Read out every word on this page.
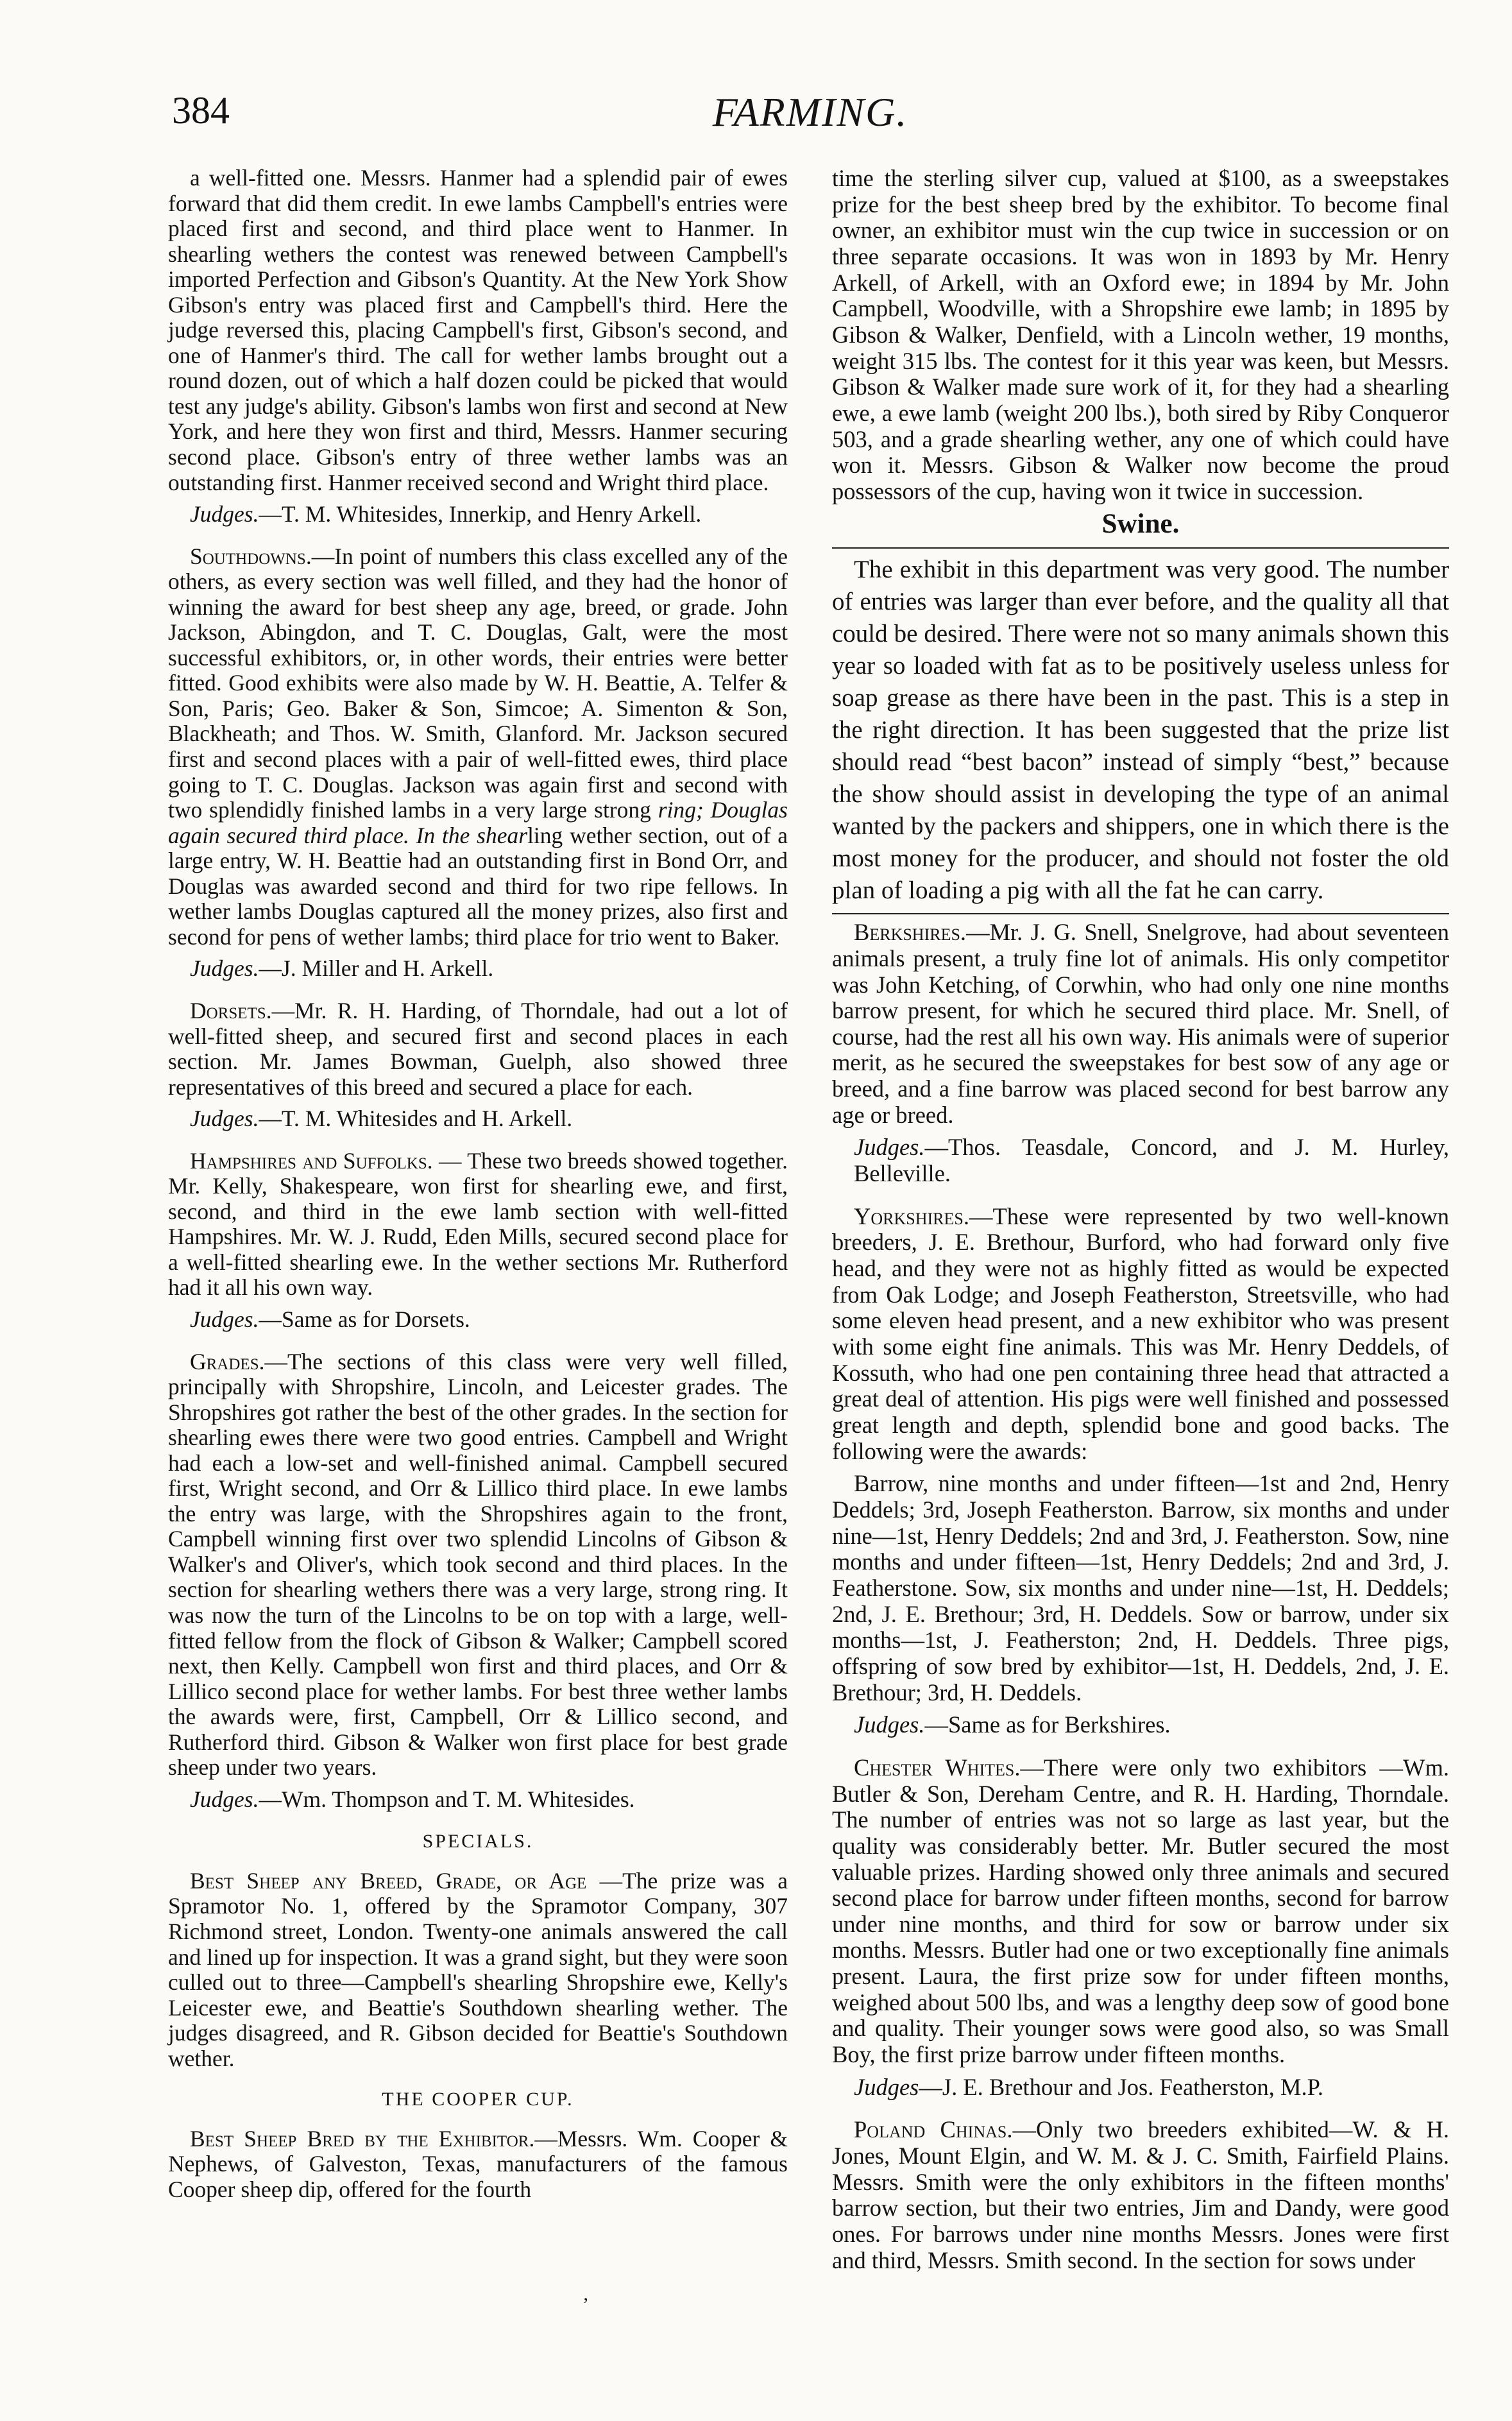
384	FARMING.

a well-fitted one. Messrs. Hanmer had a splendid pair of ewes forward that did them credit. In ewe lambs Campbell's entries were placed first and second, and third place went to Hanmer. In shearling wethers the contest was renewed between Campbell's imported Perfection and Gibson's Quantity. At the New York Show Gibson's entry was placed first and Campbell's third. Here the judge reversed this, placing Campbell's first, Gibson's second, and one of Hanmer's third. The call for wether lambs brought out a round dozen, out of which a half dozen could be picked that would test any judge's ability. Gibson's lambs won first and second at New York, and here they won first and third, Messrs. Hanmer securing second place. Gibson's entry of three wether lambs was an outstanding first. Hanmer received second and Wright third place.

Judges.—T. M. Whitesides, Innerkip, and Henry Arkell.

Southdowns.—In point of numbers this class excelled any of the others, as every section was well filled, and they had the honor of winning the award for best sheep any age, breed, or grade. John Jackson, Abingdon, and T. C. Douglas, Galt, were the most successful exhibitors, or, in other words, their entries were better fitted. Good exhibits were also made by W. H. Beattie, A. Telfer & Son, Paris; Geo. Baker & Son, Simcoe; A. Simenton & Son, Blackheath; and Thos. W. Smith, Glanford. Mr. Jackson secured first and second places with a pair of well-fitted ewes, third place going to T. C. Douglas. Jackson was again first and second with two splendidly finished lambs in a very large strong ring; Douglas again secured third place. In the shearling wether section, out of a large entry, W. H. Beattie had an outstanding first in Bond Orr, and Douglas was awarded second and third for two ripe fellows. In wether lambs Douglas captured all the money prizes, also first and second for pens of wether lambs; third place for trio went to Baker.

Judges.—J. Miller and H. Arkell.

Dorsets.—Mr. R. H. Harding, of Thorndale, had out a lot of well-fitted sheep, and secured first and second places in each section. Mr. James Bowman, Guelph, also showed three representatives of this breed and secured a place for each.

Judges.—T. M. Whitesides and H. Arkell.

Hampshires and Suffolks. — These two breeds showed together. Mr. Kelly, Shakespeare, won first for shearling ewe, and first, second, and third in the ewe lamb section with well-fitted Hampshires. Mr. W. J. Rudd, Eden Mills, secured second place for a well-fitted shearling ewe. In the wether sections Mr. Rutherford had it all his own way.

Judges.—Same as for Dorsets.

Grades.—The sections of this class were very well filled, principally with Shropshire, Lincoln, and Leicester grades. The Shropshires got rather the best of the other grades. In the section for shearling ewes there were two good entries. Campbell and Wright had each a low-set and well-finished animal. Campbell secured first, Wright second, and Orr & Lillico third place. In ewe lambs the entry was large, with the Shropshires again to the front, Campbell winning first over two splendid Lincolns of Gibson & Walker's and Oliver's, which took second and third places. In the section for shearling wethers there was a very large, strong ring. It was now the turn of the Lincolns to be on top with a large, well-fitted fellow from the flock of Gibson & Walker; Campbell scored next, then Kelly. Campbell won first and third places, and Orr & Lillico second place for wether lambs. For best three wether lambs the awards were, first, Campbell, Orr & Lillico second, and Rutherford third. Gibson & Walker won first place for best grade sheep under two years.

Judges.—Wm. Thompson and T. M. Whitesides.

SPECIALS.

Best Sheep any Breed, Grade, or Age —The prize was a Spramotor No. 1, offered by the Spramotor Company, 307 Richmond street, London. Twenty-one animals answered the call and lined up for inspection. It was a grand sight, but they were soon culled out to three—Campbell's shearling Shropshire ewe, Kelly's Leicester ewe, and Beattie's Southdown shearling wether. The judges disagreed, and R. Gibson decided for Beattie's Southdown wether.

THE COOPER CUP.

Best Sheep Bred by the Exhibitor.—Messrs. Wm. Cooper & Nephews, of Galveston, Texas, manufacturers of the famous Cooper sheep dip, offered for the fourth

time the sterling silver cup, valued at $100, as a sweepstakes prize for the best sheep bred by the exhibitor. To become final owner, an exhibitor must win the cup twice in succession or on three separate occasions. It was won in 1893 by Mr. Henry Arkell, of Arkell, with an Oxford ewe; in 1894 by Mr. John Campbell, Woodville, with a Shropshire ewe lamb; in 1895 by Gibson & Walker, Denfield, with a Lincoln wether, 19 months, weight 315 lbs. The contest for it this year was keen, but Messrs. Gibson & Walker made sure work of it, for they had a shearling ewe, a ewe lamb (weight 200 lbs.), both sired by Riby Conqueror 503, and a grade shearling wether, any one of which could have won it. Messrs. Gibson & Walker now become the proud possessors of the cup, having won it twice in succession.

Swine.

The exhibit in this department was very good. The number of entries was larger than ever before, and the quality all that could be desired. There were not so many animals shown this year so loaded with fat as to be positively useless unless for soap grease as there have been in the past. This is a step in the right direction. It has been suggested that the prize list should read “best bacon” instead of simply “best,” because the show should assist in developing the type of an animal wanted by the packers and shippers, one in which there is the most money for the producer, and should not foster the old plan of loading a pig with all the fat he can carry.

Berkshires.—Mr. J. G. Snell, Snelgrove, had about seventeen animals present, a truly fine lot of animals. His only competitor was John Ketching, of Corwhin, who had only one nine months barrow present, for which he secured third place. Mr. Snell, of course, had the rest all his own way. His animals were of superior merit, as he secured the sweepstakes for best sow of any age or breed, and a fine barrow was placed second for best barrow any age or breed.

Judges.—Thos. Teasdale, Concord, and J. M. Hurley, Belleville.

Yorkshires.—These were represented by two well-known breeders, J. E. Brethour, Burford, who had forward only five head, and they were not as highly fitted as would be expected from Oak Lodge; and Joseph Featherston, Streetsville, who had some eleven head present, and a new exhibitor who was present with some eight fine animals. This was Mr. Henry Deddels, of Kossuth, who had one pen containing three head that attracted a great deal of attention. His pigs were well finished and possessed great length and depth, splendid bone and good backs. The following were the awards:

Barrow, nine months and under fifteen—1st and 2nd, Henry Deddels; 3rd, Joseph Featherston. Barrow, six months and under nine—1st, Henry Deddels; 2nd and 3rd, J. Featherston. Sow, nine months and under fifteen—1st, Henry Deddels; 2nd and 3rd, J. Featherstone. Sow, six months and under nine—1st, H. Deddels; 2nd, J. E. Brethour; 3rd, H. Deddels. Sow or barrow, under six months—1st, J. Featherston; 2nd, H. Deddels. Three pigs, offspring of sow bred by exhibitor—1st, H. Deddels, 2nd, J. E. Brethour; 3rd, H. Deddels.

Judges.—Same as for Berkshires.

Chester Whites.—There were only two exhibitors —Wm. Butler & Son, Dereham Centre, and R. H. Harding, Thorndale. The number of entries was not so large as last year, but the quality was considerably better. Mr. Butler secured the most valuable prizes. Harding showed only three animals and secured second place for barrow under fifteen months, second for barrow under nine months, and third for sow or barrow under six months. Messrs. Butler had one or two exceptionally fine animals present. Laura, the first prize sow for under fifteen months, weighed about 500 lbs, and was a lengthy deep sow of good bone and quality. Their younger sows were good also, so was Small Boy, the first prize barrow under fifteen months.

Judges—J. E. Brethour and Jos. Featherston, M.P.

Poland Chinas.—Only two breeders exhibited—W. & H. Jones, Mount Elgin, and W. M. & J. C. Smith, Fairfield Plains. Messrs. Smith were the only exhibitors in the fifteen months' barrow section, but their two entries, Jim and Dandy, were good ones. For barrows under nine months Messrs. Jones were first and third, Messrs. Smith second. In the section for sows under

’
